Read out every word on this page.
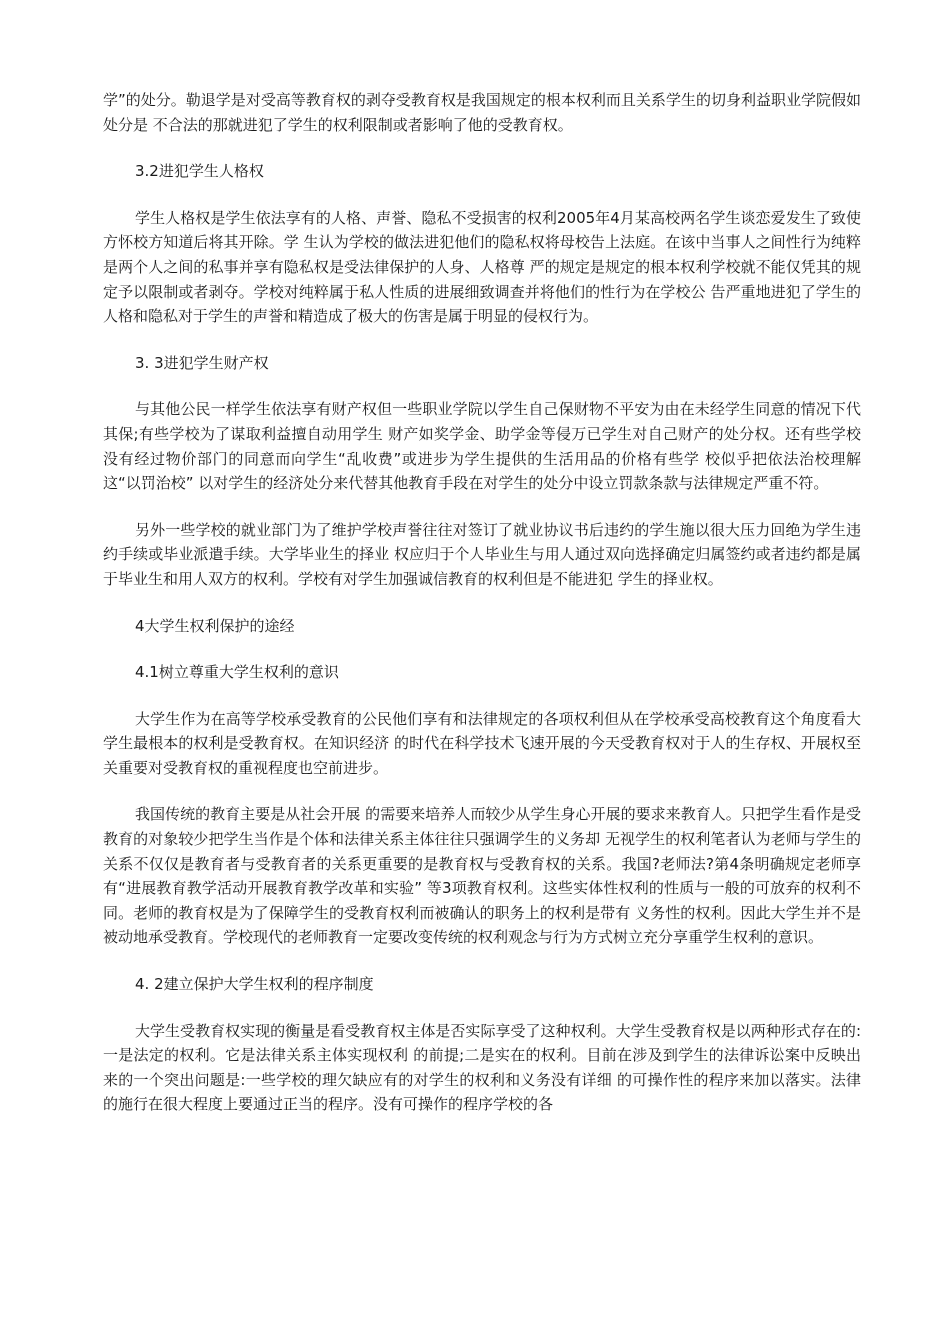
学”的处分。勒退学是对受高等教育权的剥夺受教育权是我国规定的根本权利而且关系学生的切身利益职业学院假如处分是 不合法的那就进犯了学生的权利限制或者影响了他的受教育权。

3.2进犯学生人格权

学生人格权是学生依法享有的人格、声誉、隐私不受损害的权利2005年4月某高校两名学生谈恋爱发生了致使方怀校方知道后将其开除。学 生认为学校的做法进犯他们的隐私权将母校告上法庭。在该中当事人之间性行为纯粹是两个人之间的私事并享有隐私权是受法律保护的人身、人格尊 严的规定是规定的根本权利学校就不能仅凭其的规定予以限制或者剥夺。学校对纯粹属于私人性质的进展细致调查并将他们的性行为在学校公 告严重地进犯了学生的人格和隐私对于学生的声誉和精造成了极大的伤害是属于明显的侵权行为。

3. 3进犯学生财产权

与其他公民一样学生依法享有财产权但一些职业学院以学生自己保财物不平安为由在未经学生同意的情况下代其保;有些学校为了谋取利益擅自动用学生 财产如奖学金、助学金等侵万已学生对自己财产的处分权。还有些学校没有经过物价部门的同意而向学生“乱收费”或进步为学生提供的生活用品的价格有些学 校似乎把依法治校理解这“以罚治校” 以对学生的经济处分来代替其他教育手段在对学生的处分中设立罚款条款与法律规定严重不符。

另外一些学校的就业部门为了维护学校声誉往往对签订了就业协议书后违约的学生施以很大压力回绝为学生违约手续或毕业派遣手续。大学毕业生的择业 权应归于个人毕业生与用人通过双向选择确定归属签约或者违约都是属于毕业生和用人双方的权利。学校有对学生加强诚信教育的权利但是不能进犯 学生的择业权。

4大学生权利保护的途经

4.1树立尊重大学生权利的意识

大学生作为在高等学校承受教育的公民他们享有和法律规定的各项权利但从在学校承受高校教育这个角度看大学生最根本的权利是受教育权。在知识经济 的时代在科学技术飞速开展的今天受教育权对于人的生存权、开展权至关重要对受教育权的重视程度也空前进步。

我国传统的教育主要是从社会开展 的需要来培养人而较少从学生身心开展的要求来教育人。只把学生看作是受教育的对象较少把学生当作是个体和法律关系主体往往只强调学生的义务却 无视学生的权利笔者认为老师与学生的关系不仅仅是教育者与受教育者的关系更重要的是教育权与受教育权的关系。我国?老师法?第4条明确规定老师享 有“进展教育教学活动开展教育教学改革和实验” 等3项教育权利。这些实体性权利的性质与一般的可放弃的权利不同。老师的教育权是为了保障学生的受教育权利而被确认的职务上的权利是带有 义务性的权利。因此大学生并不是被动地承受教育。学校现代的老师教育一定要改变传统的权利观念与行为方式树立充分享重学生权利的意识。

4. 2建立保护大学生权利的程序制度

大学生受教育权实现的衡量是看受教育权主体是否实际享受了这种权利。大学生受教育权是以两种形式存在的:一是法定的权利。它是法律关系主体实现权利 的前提;二是实在的权利。目前在涉及到学生的法律诉讼案中反映出来的一个突出问题是:一些学校的理欠缺应有的对学生的权利和义务没有详细 的可操作性的程序来加以落实。法律的施行在很大程度上要通过正当的程序。没有可操作的程序学校的各
